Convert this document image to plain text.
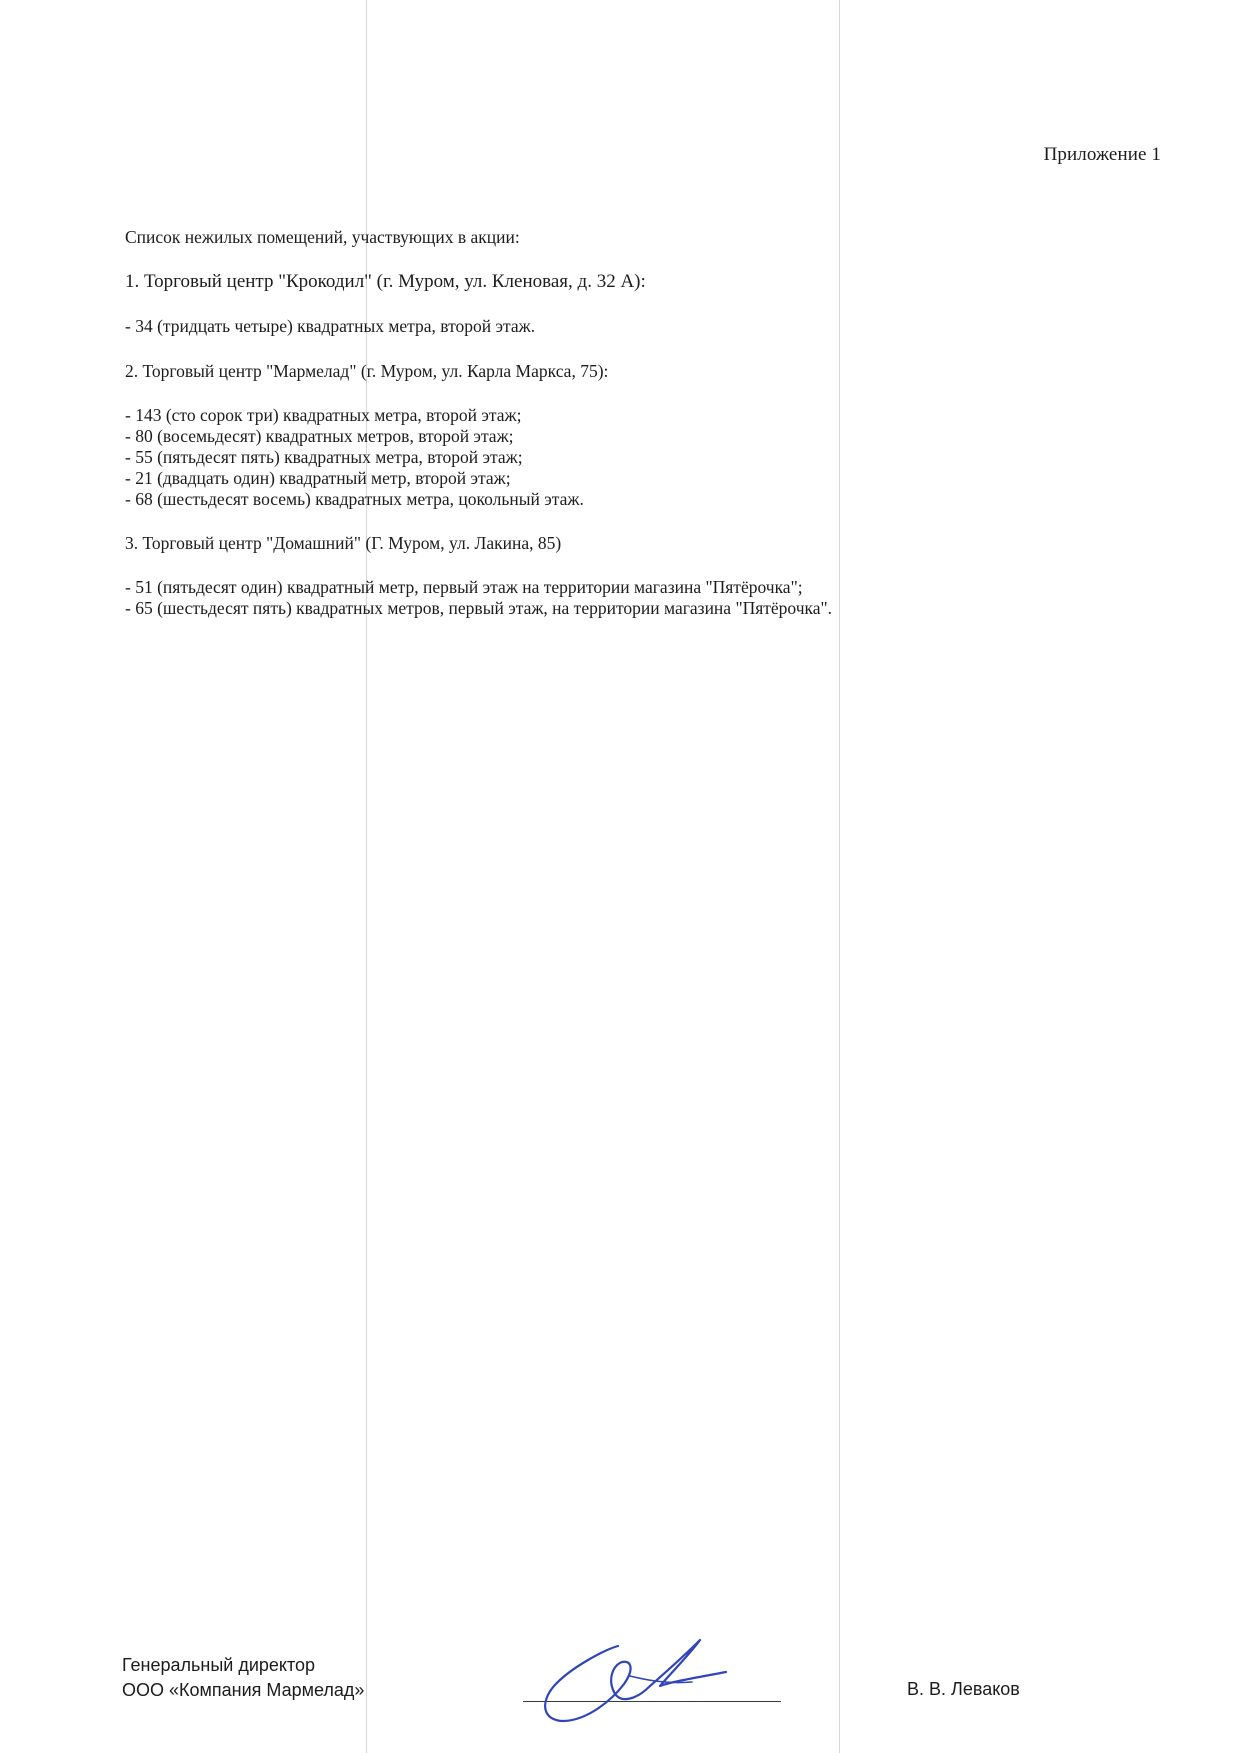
Приложение 1
Список нежилых помещений, участвующих в акции:
1. Торговый центр "Крокодил" (г. Муром, ул. Кленовая, д. 32 А):
- 34 (тридцать четыре) квадратных метра, второй этаж.
2. Торговый центр "Мармелад" (г. Муром, ул. Карла Маркса, 75):
- 143 (сто сорок три) квадратных метра, второй этаж;
- 80 (восемьдесят) квадратных метров, второй этаж;
- 55 (пятьдесят пять) квадратных метра, второй этаж;
- 21 (двадцать один) квадратный метр, второй этаж;
- 68 (шестьдесят восемь) квадратных метра, цокольный этаж.
3. Торговый центр "Домашний" (Г. Муром, ул. Лакина, 85)
- 51 (пятьдесят один) квадратный метр, первый этаж на территории магазина "Пятёрочка";
- 65 (шестьдесят пять) квадратных метров, первый этаж, на территории магазина "Пятёрочка".
Генеральный директор
ООО «Компания Мармелад»	В. В. Леваков
